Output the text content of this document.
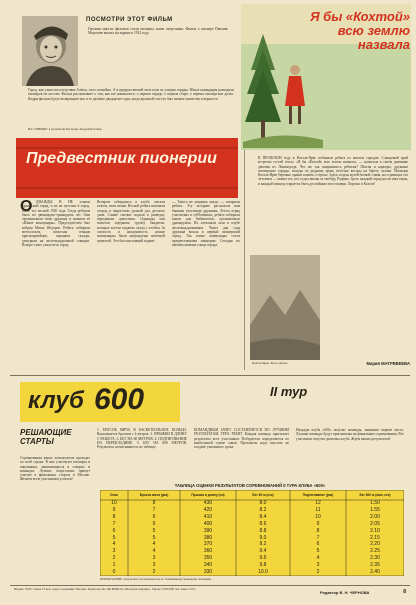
ПОСМОТРИ ЭТОТ ФИЛЬМ
Героями многих фильмов стали пионеры, наши сверстники. Фильм о пионере Павлике Морозове вышел на экраны в 1932 году.
Город, как узнал впоследствии Алёша, спал спокойно. А в предрассветной мгле шли по улицам отряды. Юные командиры разводили пионеров по постам. Фильм рассказывает о том, как всё начиналось: о первом отряде, о первом сборе, о первых пионерских делах. Кадры фильма будто возвращают нас в те далёкие двадцатые годы, когда красный галстук был знаком мужества и верности.
НА СНИМКЕ: в роли Коли Кострова Андрей Болтнев.
Я бы «Кохтой» всю землю назвала
Предвестник пионерии	В ПРОШЛОМ году в Кохтла-Ярве побывали ребята из многих городов. Сланцевый край встретил гостей тепло. «Я бы «Кохтой» всю землю назвала», — написала в своём дневнике девочка из Ленинграда. Что же так понравилось ребятам? Шахты и карьеры, дружные пионерские отряды, походы по родному краю, весёлые костры на берегу залива. Пионеры Кохтла-Ярве бережно хранят память о героях. Здесь создан музей боевой славы, на страницах его летописи — имена тех, кто отдал жизнь за свободу Родины. Здесь каждый отряд носит имя героя, и каждый пионер старается быть достойным этого имени. Хорошо в Кохтле!
Кохтла-Ярве. Фото автора.	Мария МАТРЕВЕЕВА
О ДНАЖДЫ В НЕ узнали вражеский отряд, и их не пустили в город. Было это весной 1920 года. Тогда ребятам было по двенадцать-тринадцать лет. Они организовали свою дружину и назвали её «Юные коммунары». Председателем был избран Миша Фёдоров. Ребята собирали металлолом, помогали семьям красноармейцев, охраняли склады, дежурили на железнодорожной станции. Вскоре о них узнал весь город.
Вечером собирались в клубе, читали газеты, пели песни. Весной ребята вскопали огород и вырастили урожай для детского дома. Самые смелые ходили в разведку, передавали донесения. Однажды они помогли задержать группу бандитов, которые хотели поджечь склад с хлебом. За смелость и находчивость «юные коммунары» были награждены почётной грамотой. Это был настоящий подвиг.
— Такого не увидишь нигде, — говорили ребята. Эту историю рассказала нам бывшая участница дружины. Летом отряд участвовал в субботниках, ребята собирали книги для библиотеки, организовали драмкружок. Их спектакли шли в клубе железнодорожников. Через два года дружина вошла в первый пионерский отряд. Так юные коммунары стали предвестниками пионерии. Сегодня их именем названа улица города.
клуб 600	II тур
РЕШАЮЩИЕ СТАРТЫ
Соревнования юных легкоатлетов проходят по всей стране. В них участвуют пионеры и школьники, занимающиеся в секциях и командах. Лучшие спортсмены примут участие в финальных стартах в Москве. Желаем всем участникам успехов!
1. БРОСОК МЯЧА В БАСКЕТБОЛЬНОЕ КОЛЬЦО. Выполняется броском с 4 метров. 2. ПРЫЖКИ В ДЛИНУ С РАЗБЕГА. 3. БЕГ НА 60 МЕТРОВ. 4. ПОДТЯГИВАНИЕ НА ПЕРЕКЛАДИНЕ. 5. БЕГ НА 600 МЕТРОВ. Результаты засчитываются по таблице.
КОМАНДНЫЙ ЗАЧЕТ СОСТАВЛЯЕТСЯ ПО ЛУЧШИМ РЕЗУЛЬТАТАМ ТРЕХ РЕБЯТ. Каждая команда присылает результаты всех участников. Победители определяются по наибольшей сумме очков. Протоколы надо выслать не позднее указанного срока.
Награды клуба «600» получат команды, занявшие первые места. Лучшие команды будут приглашены на финальные соревнования. Все участники получат дипломы клуба. Ждём ваших результатов!
ТАБЛИЦА ОЦЕНКИ РЕЗУЛЬТАТОВ СОРЕВНОВАНИЙ II ТУРА КЛУБА «600»
Очки	Бросок мяча (раз)	Прыжок в длину (см)	Бег 60 м (сек)	Подтягивание (раз)	Бег 600 м (мин, сек)
10	8	430	8.0	12	1.50
9	7	420	8.2	11	1.55
8	6	410	8.4	10	2.00
7	6	400	8.6	9	2.05
6	5	390	8.8	8	2.10
5	5	380	9.0	7	2.15
4	4	370	9.2	6	2.20
3	4	360	9.4	5	2.25
2	3	350	9.6	4	2.30
1	3	340	9.8	3	2.35
0	2	330	10.0	2	2.40
ПРИМЕЧАНИЕ: результаты засчитываются по ближайшему меньшему значению.
Индекс 70451. Цена 15 коп. Адрес редакции: Москва. Издательство ЦК ВЛКСМ «Молодая гвардия». Тираж 3 000 000 экз. Заказ 1213.
Редактор В. Н. ЧЕРНОВА	8
